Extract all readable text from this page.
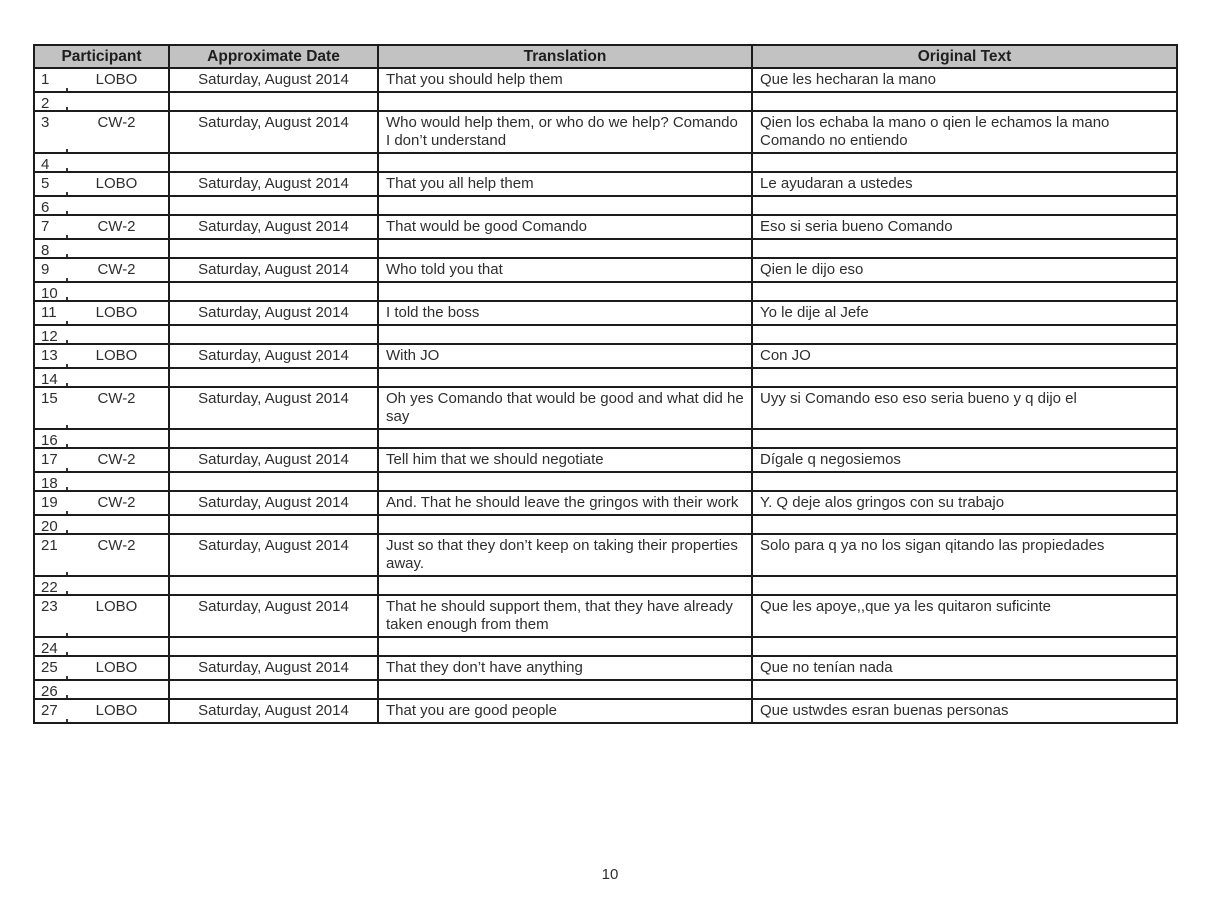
Participant	Approximate Date	Translation	Original Text

1 LOBO	Saturday, August 2014	That you should help them	Que les hecharan la mano

2			

3 CW-2	Saturday, August 2014	Who would help them, or who do we help? Comando I don’t understand	Qien los echaba la mano o qien le echamos la mano Comando no entiendo

4			

5 LOBO	Saturday, August 2014	That you all help them	Le ayudaran a ustedes

6			

7 CW-2	Saturday, August 2014	That would be good Comando	Eso si seria bueno Comando

8			

9 CW-2	Saturday, August 2014	Who told you that	Qien le dijo eso

10			

11 LOBO	Saturday, August 2014	I told the boss	Yo le dije al Jefe

12			

13 LOBO	Saturday, August 2014	With JO	Con JO

14			

15 CW-2	Saturday, August 2014	Oh yes Comando that would be good and what did he say	Uyy si Comando eso eso seria bueno y q dijo el

16			

17 CW-2	Saturday, August 2014	Tell him that we should negotiate	Dígale q negosiemos

18			

19 CW-2	Saturday, August 2014	And. That he should leave the gringos with their work	Y. Q deje alos gringos con su trabajo

20			

21 CW-2	Saturday, August 2014	Just so that they don’t keep on taking their properties away.	Solo para q ya no los sigan qitando las propiedades

22			

23 LOBO	Saturday, August 2014	That he should support them, that they have already taken enough from them	Que les apoye,,que ya les quitaron suficinte

24			

25 LOBO	Saturday, August 2014	That they don’t have anything	Que no tenían nada

26			

27 LOBO	Saturday, August 2014	That you are good people	Que ustwdes esran buenas personas
10
